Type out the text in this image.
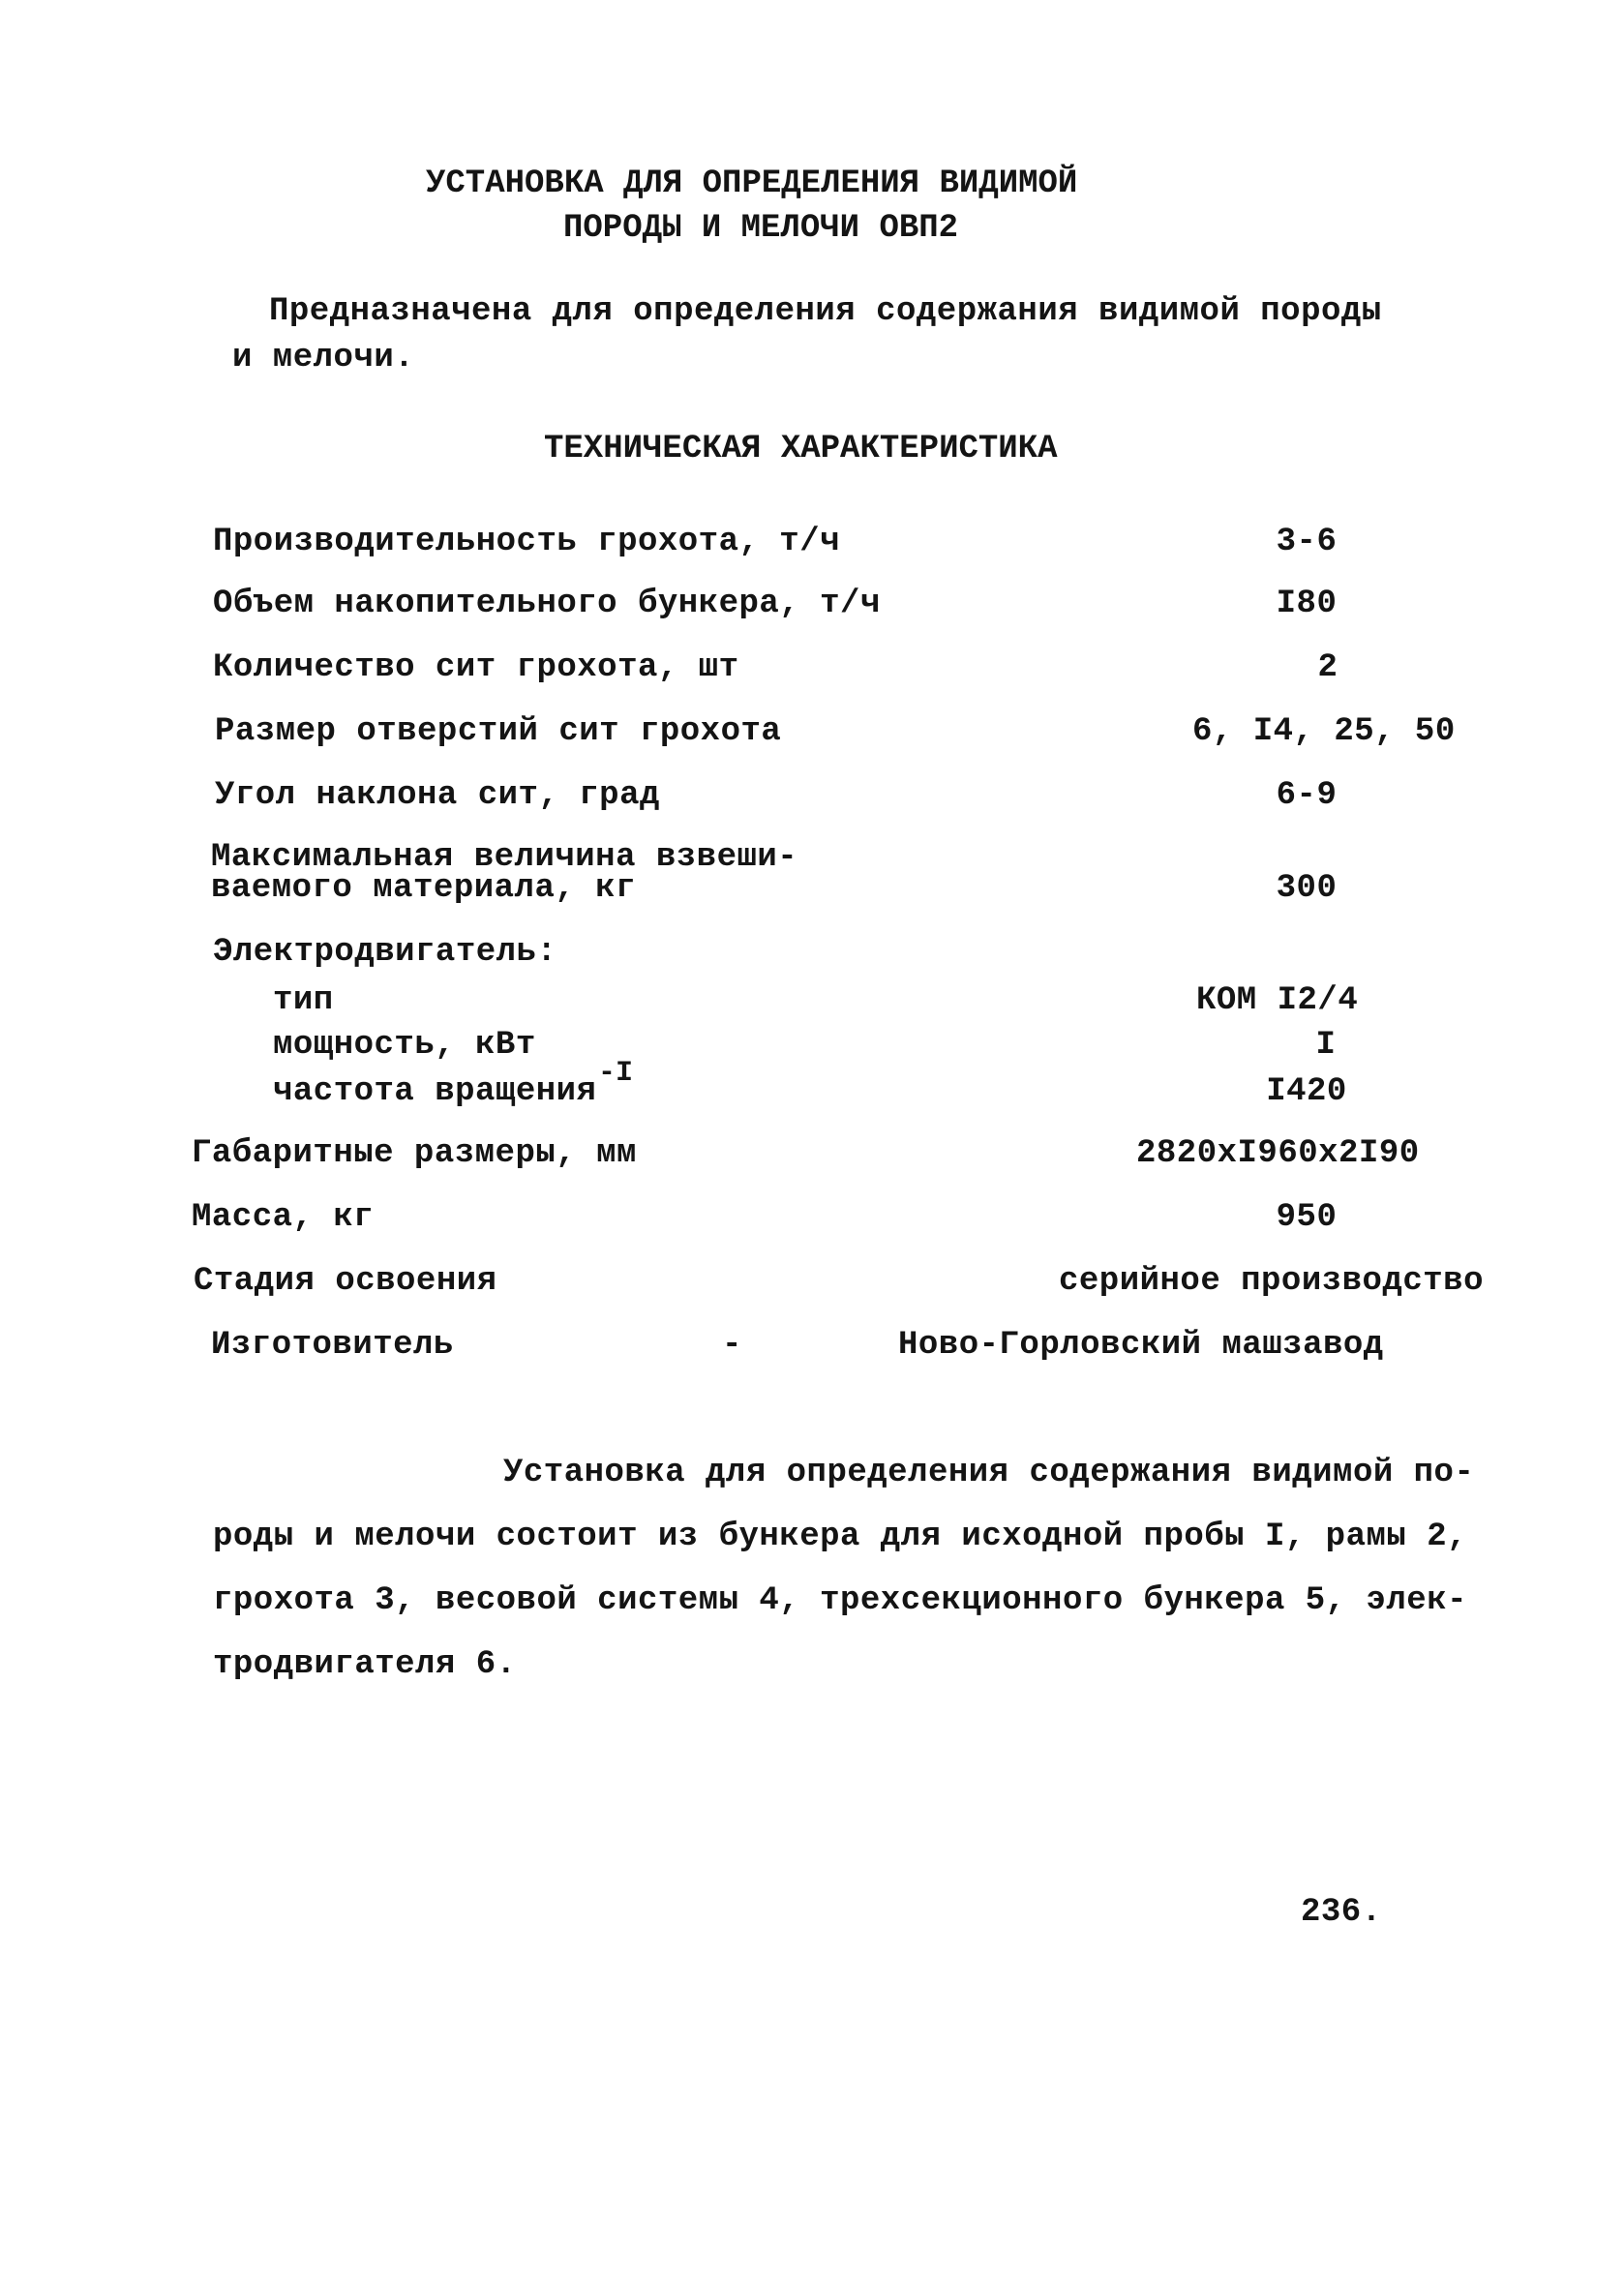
УСТАНОВКА ДЛЯ ОПРЕДЕЛЕНИЯ ВИДИМОЙ
ПОРОДЫ И МЕЛОЧИ ОВП2
Предназначена для определения содержания видимой породы
и мелочи.
ТЕХНИЧЕСКАЯ ХАРАКТЕРИСТИКА
Производительность грохота, т/ч	3-6
Объем накопительного бункера, т/ч	I80
Количество сит грохота, шт	2
Размер отверстий сит грохота	6, I4, 25, 50
Угол наклона сит, град	6-9
Максимальная величина взвеши-
ваемого материала, кг	300
Электродвигатель:
тип	КОМ I2/4
мощность, кВт	I
частота вращения -I	I420
Габаритные размеры, мм	2820xI960x2I90
Масса, кг	950
Стадия освоения	серийное производство
Изготовитель	-	Ново-Горловский машзавод
Установка для определения содержания видимой по-
роды и мелочи состоит из бункера для исходной пробы I, рамы 2,
грохота 3, весовой системы 4, трехсекционного бункера 5, элек-
тродвигателя 6.
236.
